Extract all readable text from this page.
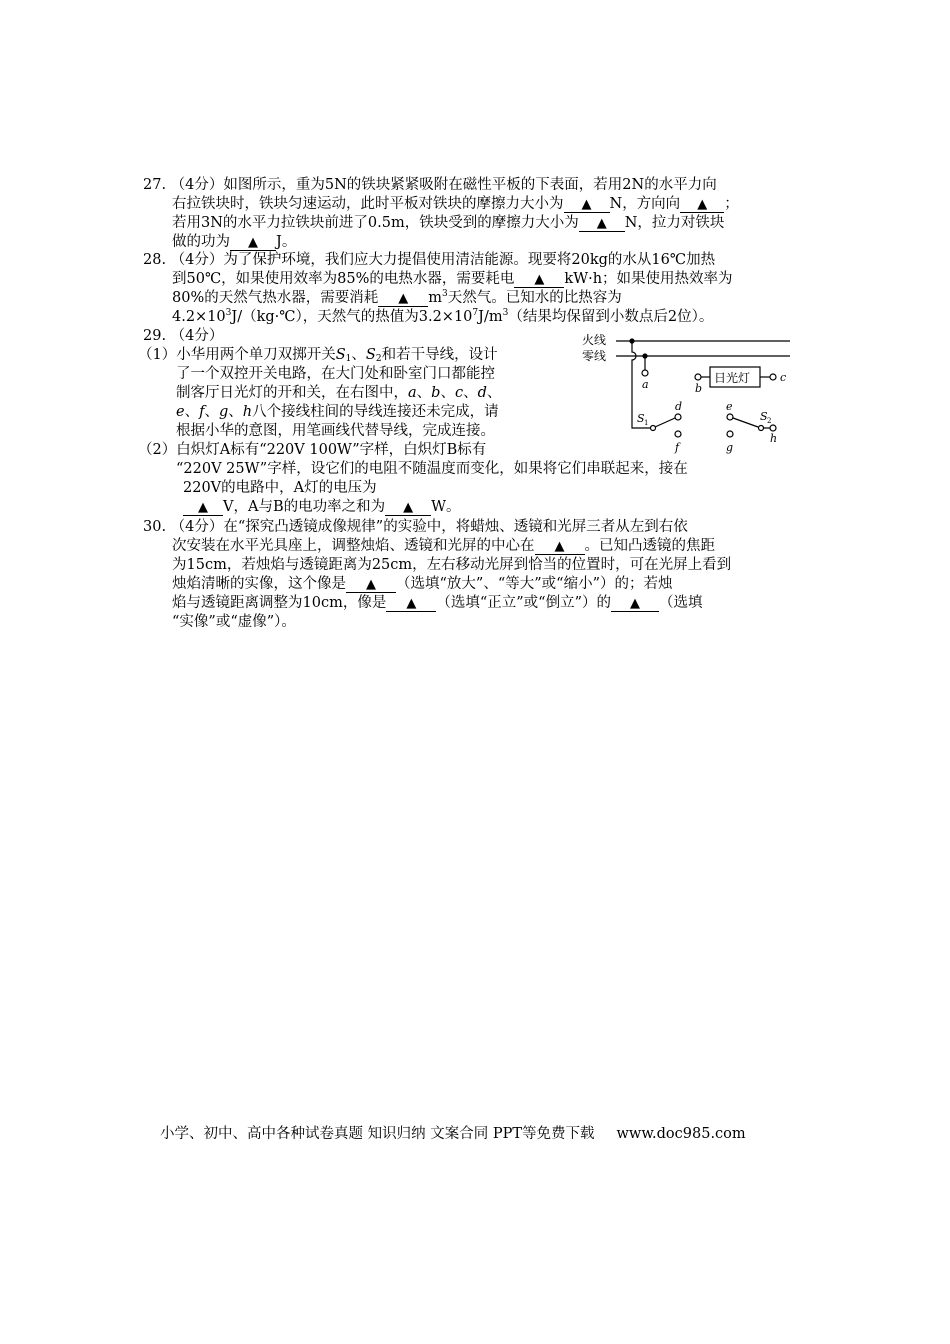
27. （4分）如图所示，重为5N的铁块紧紧吸附在磁性平板的下表面，若用2N的水平力向
右拉铁块时，铁块匀速运动，此时平板对铁块的摩擦力大小为 ▲ N，方向向 ▲ ；
若用3N的水平力拉铁块前进了0.5m，铁块受到的摩擦力大小为 ▲ N，拉力对铁块
做的功为 ▲ J。
28. （4分）为了保护环境，我们应大力提倡使用清洁能源。现要将20kg的水从16℃加热
到50℃，如果使用效率为85%的电热水器，需要耗电 ▲ kW·h；如果使用热效率为
80%的天然气热水器，需要消耗 ▲ $m^3$天然气。已知水的比热容为
$4.2\times 10^3J/(kg\cdot℃)$，天然气的热值为$3.2\times 10^7J/m^3$（结果均保留到小数点后2位）。
29. （4分）
（1）小华用两个单刀双掷开关$S_1$、$S_2$和若干导线，设计
了一个双控开关电路，在大门处和卧室门口都能控
制客厅日光灯的开和关，在右图中，a、b、c、d、
e、f、g、h八个接线柱间的导线连接还未完成，请
根据小华的意图，用笔画线代替导线，完成连接。
（2）白炽灯A标有“220V 100W”字样，白炽灯B标有
“220V 25W”字样，设它们的电阻不随温度而变化，如果将它们串联起来，接在
220V的电路中，A灯的电压为
▲ V，A与B的电功率之和为 ▲ W。
火线
零线
a	b
c
d
f
e
g
h
S 1	S 2
日光灯
30. （4分）在“探究凸透镜成像规律”的实验中，将蜡烛、透镜和光屏三者从左到右依
次安装在水平光具座上，调整烛焰、透镜和光屏的中心在 ▲ 。已知凸透镜的焦距
为15cm，若烛焰与透镜距离为25cm，左右移动光屏到恰当的位置时，可在光屏上看到
烛焰清晰的实像，这个像是 ▲ （选填“放大”、“等大”或“缩小”）的；若烛
焰与透镜距离调整为10cm，像是 ▲ （选填“正立”或“倒立”）的 ▲ （选填
“实像”或“虚像”）。
小学、初中、高中各种试卷真题 知识归纳 文案合同 PPT等免费下载 www.doc985.com
